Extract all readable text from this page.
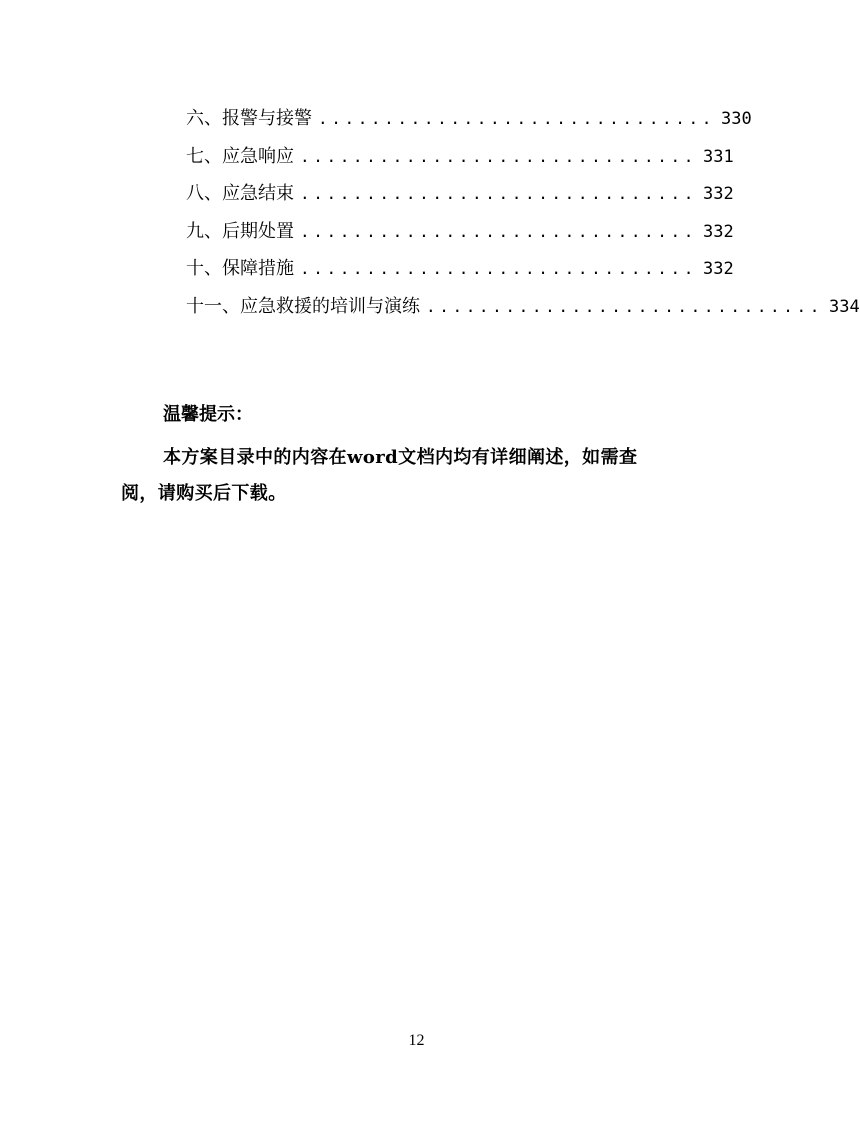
六、报警与接警 .............................. 330
七、应急响应 .............................. 331
八、应急结束 .............................. 332
九、后期处置 .............................. 332
十、保障措施 .............................. 332
十一、应急救援的培训与演练 .............................. 334
温馨提示：

本方案目录中的内容在word文档内均有详细阐述，如需查阅，请购买后下载。

12
